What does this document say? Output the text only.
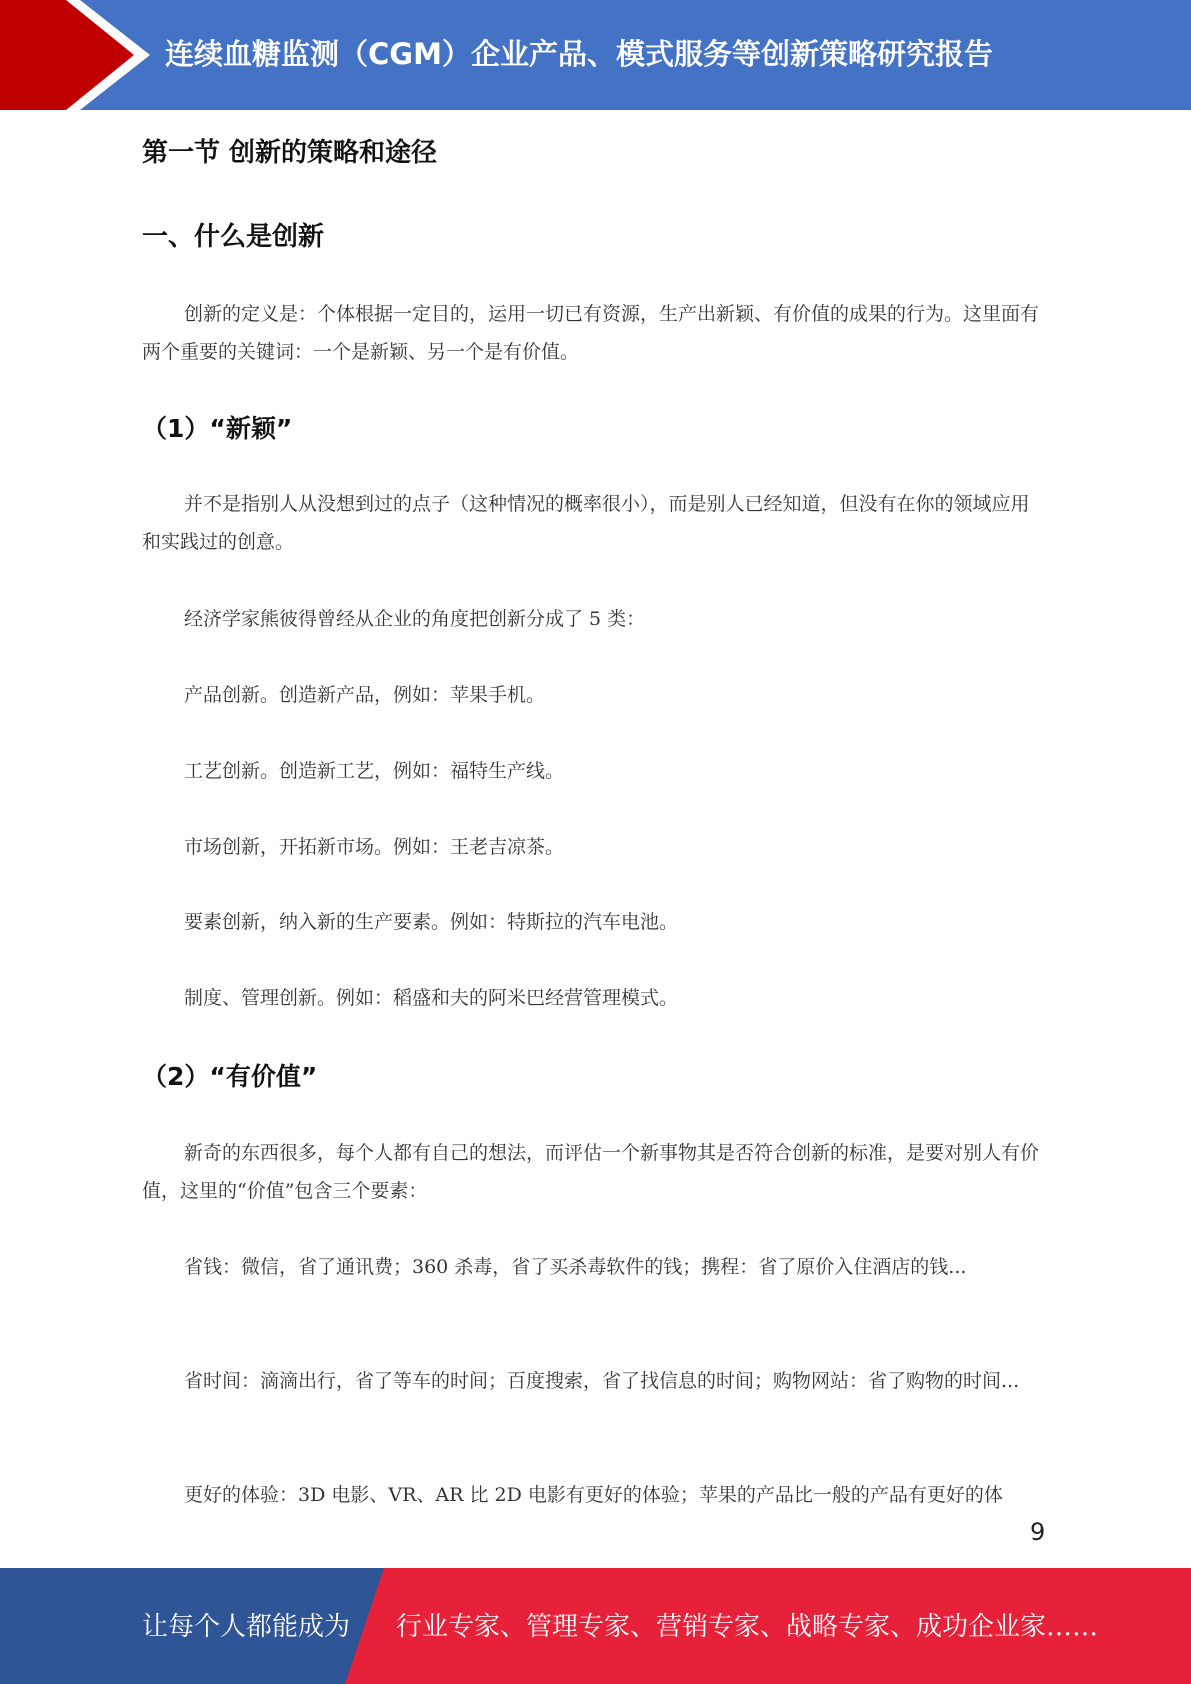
连续血糖监测（CGM）企业产品、模式服务等创新策略研究报告
第一节 创新的策略和途径
一、什么是创新

创新的定义是：个体根据一定目的，运用一切已有资源，生产出新颖、有价值的成果的行为。这里面有两个重要的关键词：一个是新颖、另一个是有价值。

（1）“新颖”

并不是指别人从没想到过的点子（这种情况的概率很小），而是别人已经知道，但没有在你的领域应用和实践过的创意。

经济学家熊彼得曾经从企业的角度把创新分成了 5 类：

产品创新。创造新产品，例如：苹果手机。

工艺创新。创造新工艺，例如：福特生产线。

市场创新，开拓新市场。例如：王老吉凉茶。

要素创新，纳入新的生产要素。例如：特斯拉的汽车电池。

制度、管理创新。例如：稻盛和夫的阿米巴经营管理模式。

（2）“有价值”

新奇的东西很多，每个人都有自己的想法，而评估一个新事物其是否符合创新的标准，是要对别人有价值，这里的“价值”包含三个要素：

省钱：微信，省了通讯费；360 杀毒，省了买杀毒软件的钱；携程：省了原价入住酒店的钱...

省时间：滴滴出行，省了等车的时间；百度搜索，省了找信息的时间；购物网站：省了购物的时间...

更好的体验：3D 电影、VR、AR 比 2D 电影有更好的体验；苹果的产品比一般的产品有更好的体

9
让每个人都能成为 行业专家、管理专家、营销专家、战略专家、成功企业家……
